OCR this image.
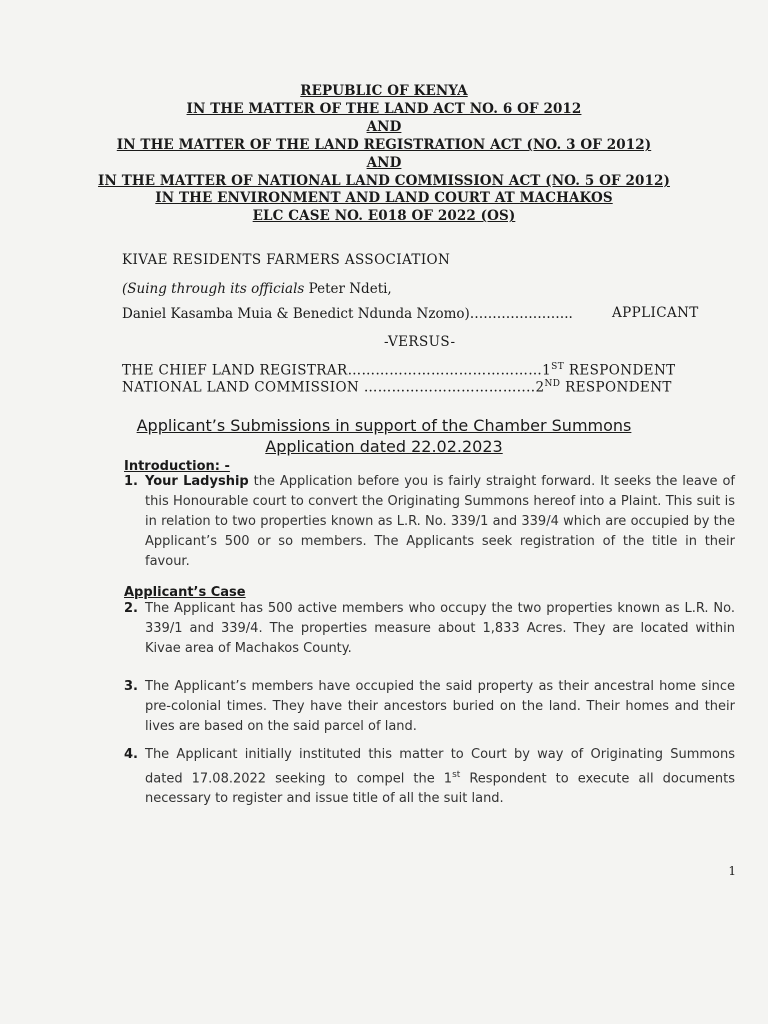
REPUBLIC OF KENYA
IN THE MATTER OF THE LAND ACT NO. 6 OF 2012
AND
IN THE MATTER OF THE LAND REGISTRATION ACT (NO. 3 OF 2012)
AND
IN THE MATTER OF NATIONAL LAND COMMISSION ACT (NO. 5 OF 2012)
IN THE ENVIRONMENT AND LAND COURT AT MACHAKOS
ELC CASE NO. E018 OF 2022 (OS)
KIVAE RESIDENTS FARMERS ASSOCIATION
(Suing through its officials Peter Ndeti,
Daniel Kasamba Muia & Benedict Ndunda Nzomo)…………………..	APPLICANT
-VERSUS-
THE CHIEF LAND REGISTRAR……………………………………1ST RESPONDENT
NATIONAL LAND COMMISSION ……………………………....2ND RESPONDENT
Applicant’s Submissions in support of the Chamber Summons
Application dated 22.02.2023
Introduction: -
1. Your Ladyship the Application before you is fairly straight forward. It seeks the leave of this Honourable court to convert the Originating Summons hereof into a Plaint. This suit is in relation to two properties known as L.R. No. 339/1 and 339/4 which are occupied by the Applicant’s 500 or so members. The Applicants seek registration of the title in their favour.
Applicant’s Case
2. The Applicant has 500 active members who occupy the two properties known as L.R. No. 339/1 and 339/4. The properties measure about 1,833 Acres. They are located within Kivae area of Machakos County.
3. The Applicant’s members have occupied the said property as their ancestral home since pre-colonial times. They have their ancestors buried on the land. Their homes and their lives are based on the said parcel of land.
4. The Applicant initially instituted this matter to Court by way of Originating Summons dated 17.08.2022 seeking to compel the 1st Respondent to execute all documents necessary to register and issue title of all the suit land.
1
